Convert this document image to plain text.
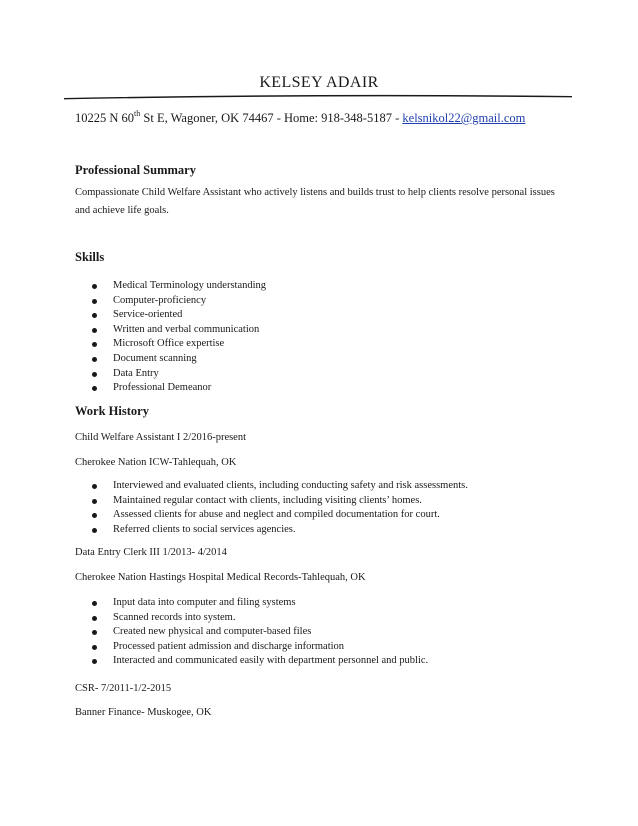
KELSEY ADAIR
10225 N 60th St E, Wagoner, OK 74467 - Home: 918-348-5187 - kelsnikol22@gmail.com
Professional Summary
Compassionate Child Welfare Assistant who actively listens and builds trust to help clients resolve personal issues
and achieve life goals.
Skills
Medical Terminology understanding
Computer-proficiency
Service-oriented
Written and verbal communication
Microsoft Office expertise
Document scanning
Data Entry
Professional Demeanor
Work History
Child Welfare Assistant I 2/2016-present
Cherokee Nation ICW-Tahlequah, OK
Interviewed and evaluated clients, including conducting safety and risk assessments.
Maintained regular contact with clients, including visiting clients’ homes.
Assessed clients for abuse and neglect and compiled documentation for court.
Referred clients to social services agencies.
Data Entry Clerk III 1/2013- 4/2014
Cherokee Nation Hastings Hospital Medical Records-Tahlequah, OK
Input data into computer and filing systems
Scanned records into system.
Created new physical and computer-based files
Processed patient admission and discharge information
Interacted and communicated easily with department personnel and public.
CSR- 7/2011-1/2-2015
Banner Finance- Muskogee, OK
